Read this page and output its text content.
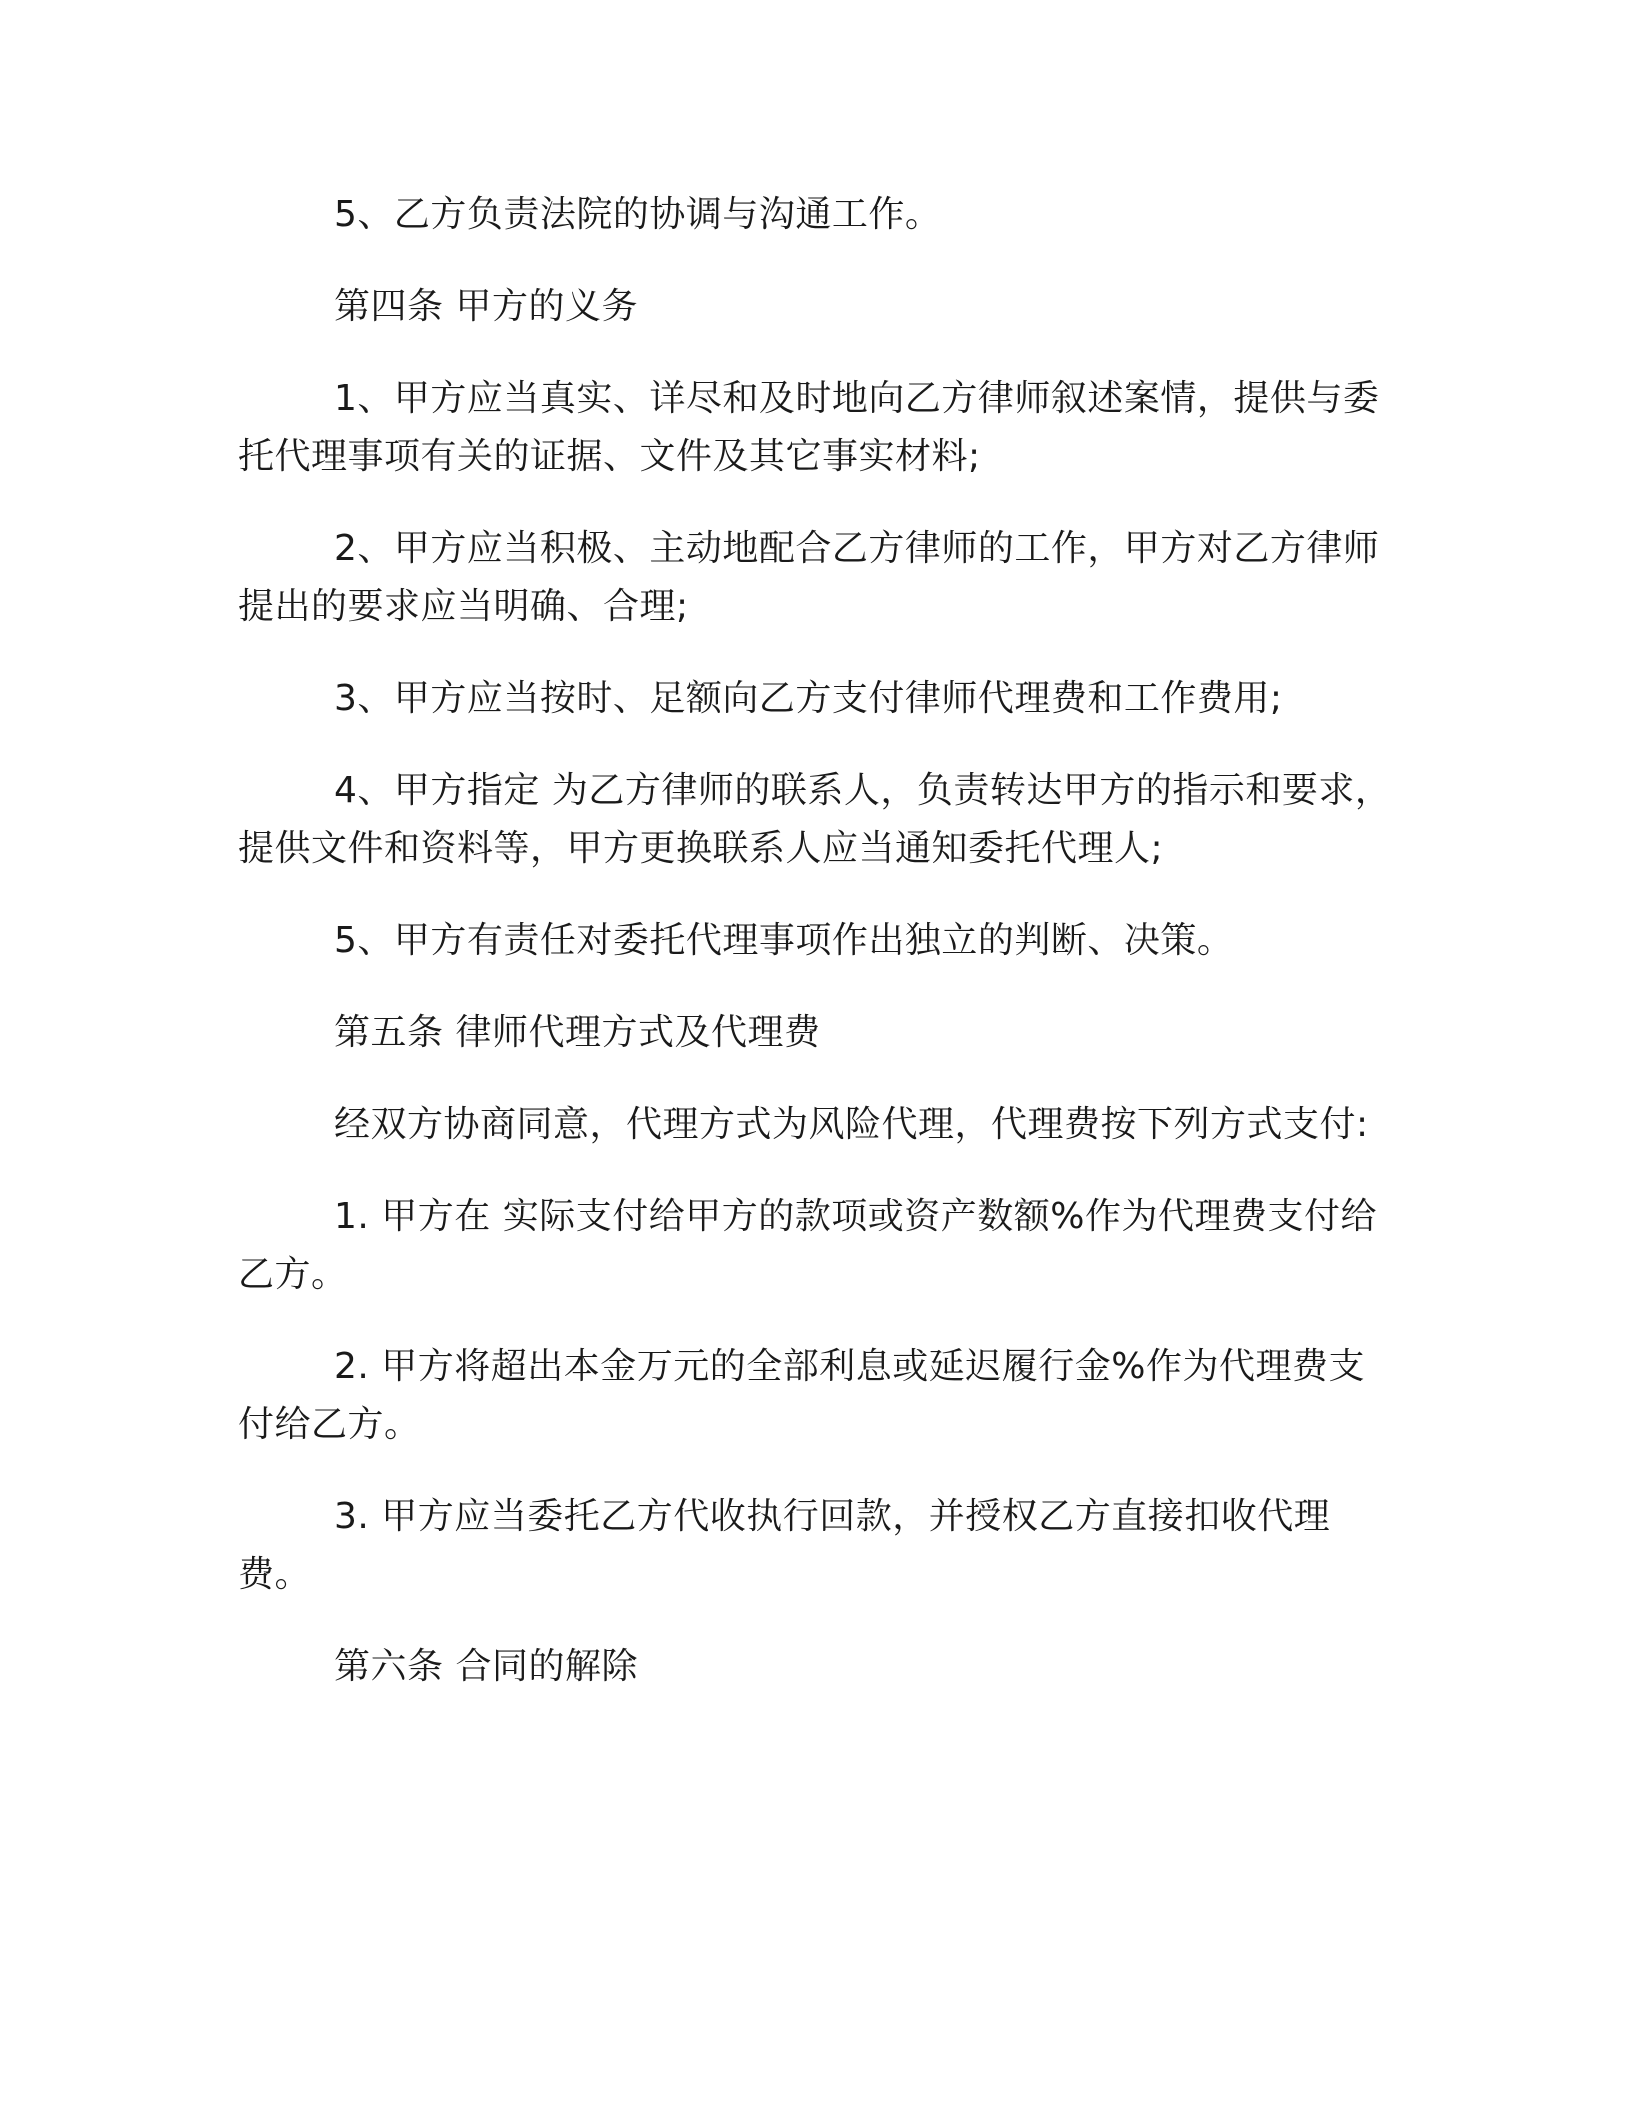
5、乙方负责法院的协调与沟通工作。

第四条 甲方的义务

1、甲方应当真实、详尽和及时地向乙方律师叙述案情，提供与委托代理事项有关的证据、文件及其它事实材料;

2、甲方应当积极、主动地配合乙方律师的工作，甲方对乙方律师提出的要求应当明确、合理;

3、甲方应当按时、足额向乙方支付律师代理费和工作费用;

4、甲方指定 为乙方律师的联系人，负责转达甲方的指示和要求，提供文件和资料等，甲方更换联系人应当通知委托代理人;

5、甲方有责任对委托代理事项作出独立的判断、决策。

第五条 律师代理方式及代理费

经双方协商同意，代理方式为风险代理，代理费按下列方式支付:

1. 甲方在 实际支付给甲方的款项或资产数额%作为代理费支付给乙方。

2. 甲方将超出本金万元的全部利息或延迟履行金%作为代理费支付给乙方。

3. 甲方应当委托乙方代收执行回款，并授权乙方直接扣收代理费。

第六条 合同的解除
